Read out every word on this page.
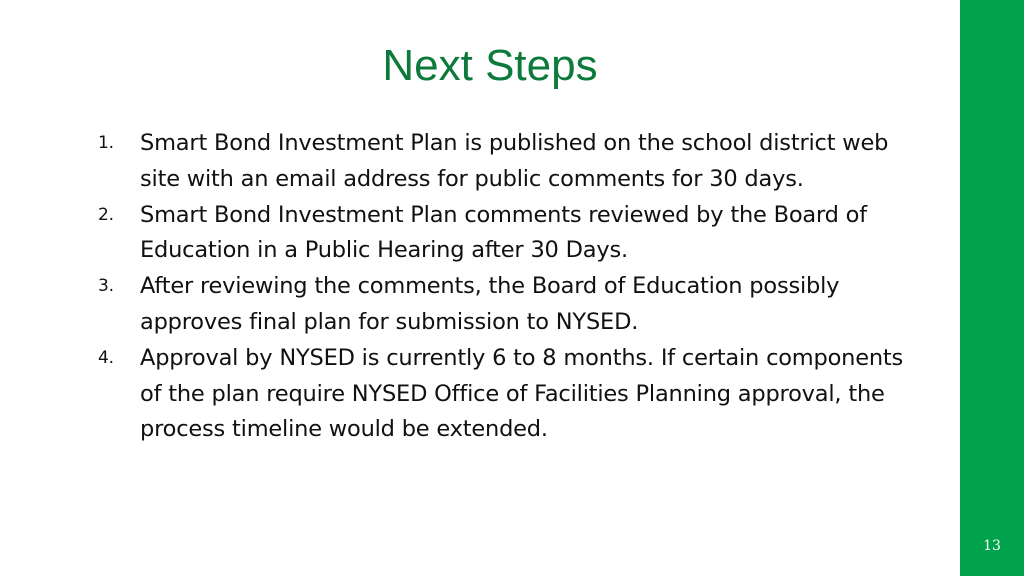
13
Next Steps
1. Smart Bond Investment Plan is published on the school district web site with an email address for public comments for 30 days.
2. Smart Bond Investment Plan comments reviewed by the Board of Education in a Public Hearing after 30 Days.
3. After reviewing the comments, the Board of Education possibly approves final plan for submission to NYSED.
4. Approval by NYSED is currently 6 to 8 months. If certain components of the plan require NYSED Office of Facilities Planning approval, the process timeline would be extended.
